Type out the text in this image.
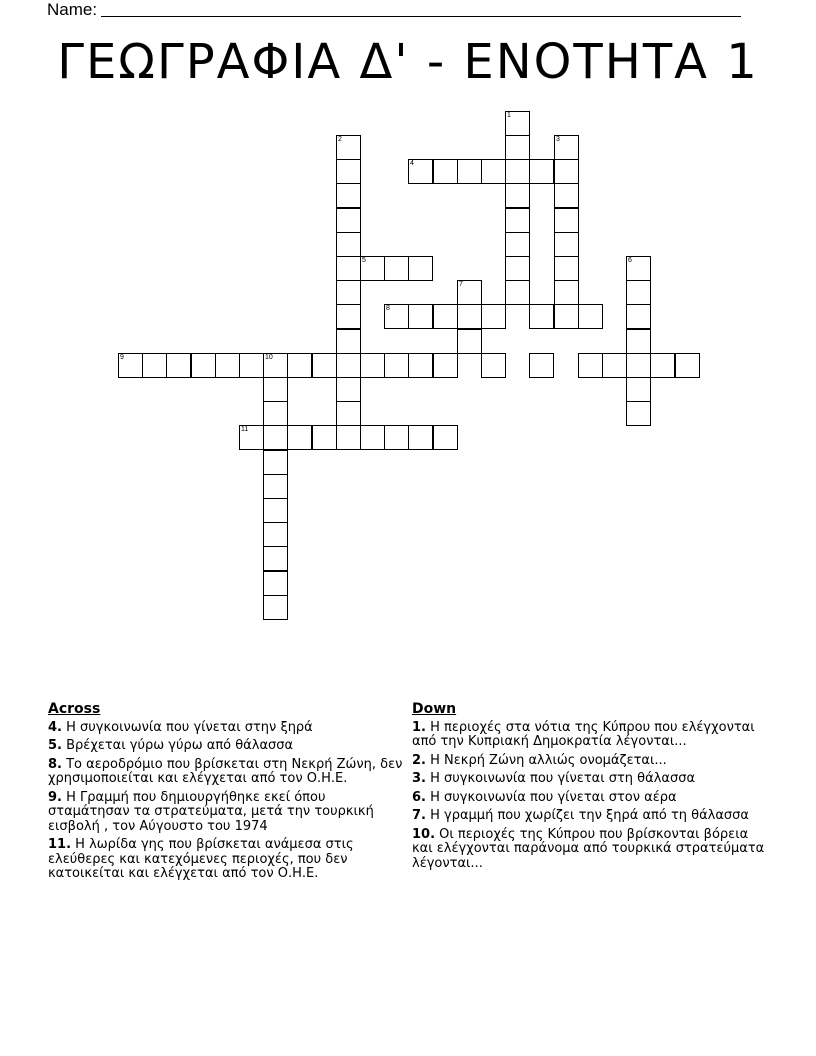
Name:
ΓΕΩΓΡΑΦΙΑ Δ' - ΕΝΟΤΗΤΑ 1
1
2	3
4
5	6
7
8
9	10
11
Across
4. Η συγκοινωνία που γίνεται στην ξηρά
5. Βρέχεται γύρω γύρω από θάλασσα
8. Το αεροδρόμιο που βρίσκεται στη Νεκρή Ζώνη, δεν χρησιμοποιείται και ελέγχεται από τον Ο.Η.Ε.
9. Η Γραμμή που δημιουργήθηκε εκεί όπου σταμάτησαν τα στρατεύματα, μετά την τουρκική εισβολή , τον Αύγουστο του 1974
11. Η λωρίδα γης που βρίσκεται ανάμεσα στις ελεύθερες και κατεχόμενες περιοχές, που δεν κατοικείται και ελέγχεται από τον Ο.Η.Ε.
Down
1. Η περιοχές στα νότια της Κύπρου που ελέγχονται από την Κυπριακή Δημοκρατία λέγονται...
2. Η Νεκρή Ζώνη αλλιώς ονομάζεται...
3. Η συγκοινωνία που γίνεται στη θάλασσα
6. Η συγκοινωνία που γίνεται στον αέρα
7. Η γραμμή που χωρίζει την ξηρά από τη θάλασσα
10. Οι περιοχές της Κύπρου που βρίσκονται βόρεια και ελέγχονται παράνομα από τουρκικά στρατεύματα λέγονται...
